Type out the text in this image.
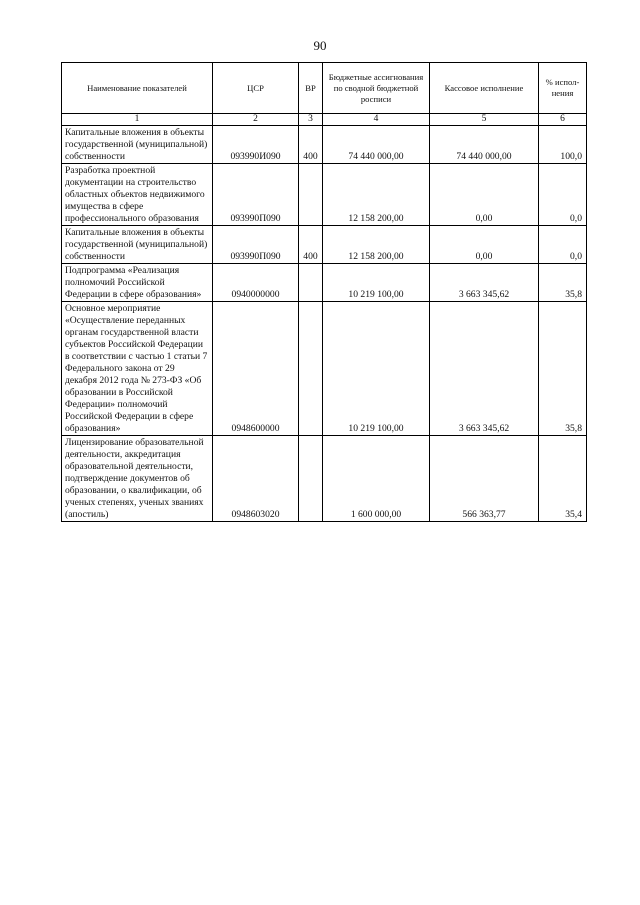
90
Наименование показателей	ЦСР	ВР	Бюджетные ассигнования по сводной бюджетной росписи	Кассовое исполнение	% испол-нения
1	2	3	4	5	6
Капитальные вложения в объекты государственной (муниципальной) собственности	093990И090	400	74 440 000,00	74 440 000,00	100,0
Разработка проектной документации на строительство областных объектов недвижимого имущества в сфере профессионального образования	093990П090		12 158 200,00	0,00	0,0
Капитальные вложения в объекты государственной (муниципальной) собственности	093990П090	400	12 158 200,00	0,00	0,0
Подпрограмма «Реализация полномочий Российской Федерации в сфере образования»	0940000000		10 219 100,00	3 663 345,62	35,8
Основное мероприятие «Осуществление переданных органам государственной власти субъектов Российской Федерации в соответствии с частью 1 статьи 7 Федерального закона от 29 декабря 2012 года № 273-ФЗ «Об образовании в Российской Федерации» полномочий Российской Федерации в сфере образования»	0948600000		10 219 100,00	3 663 345,62	35,8
Лицензирование образовательной деятельности, аккредитация образовательной деятельности, подтверждение документов об образовании, о квалификации, об ученых степенях, ученых званиях (апостиль)	0948603020		1 600 000,00	566 363,77	35,4
